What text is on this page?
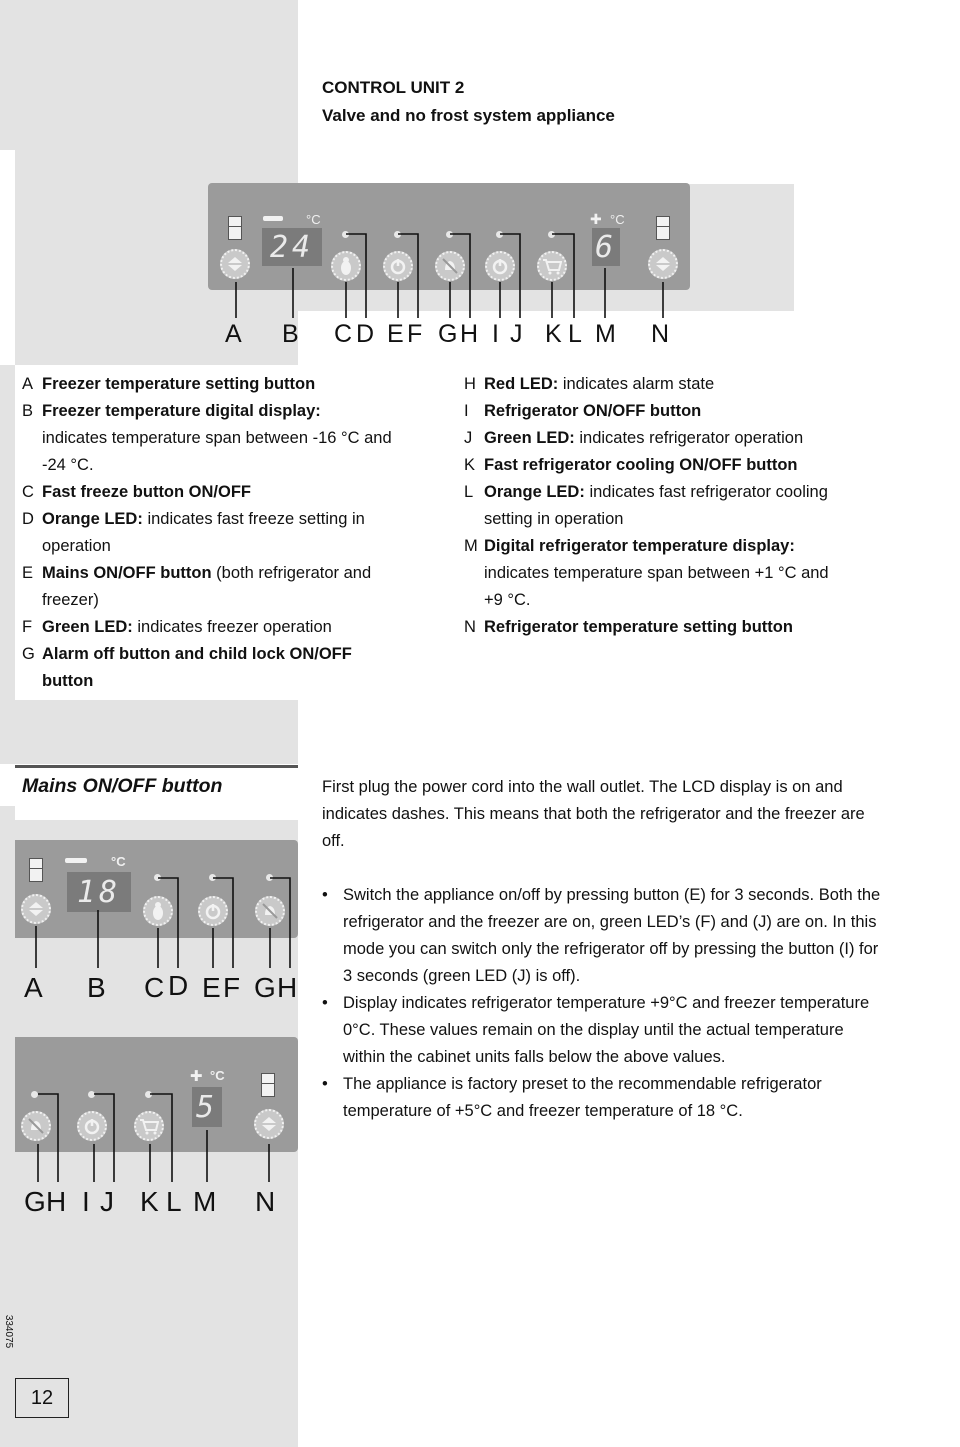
CONTROL UNIT 2
Valve and no frost system appliance
°C
24
✚ °C
6
A B C D E F G H I J K L M N
A Freezer temperature setting button
B Freezer temperature digital display:
indicates temperature span between -16 °C and
-24 °C.
C Fast freeze button ON/OFF
D Orange LED: indicates fast freeze setting in
operation
E Mains ON/OFF button (both refrigerator and
freezer)
F Green LED: indicates freezer operation
G Alarm off button and child lock ON/OFF
button
H Red LED: indicates alarm state
I Refrigerator ON/OFF button
J Green LED: indicates refrigerator operation
K Fast refrigerator cooling ON/OFF button
L Orange LED: indicates fast refrigerator cooling
setting in operation
M Digital refrigerator temperature display:
indicates temperature span between +1 °C and
+9 °C.
N Refrigerator temperature setting button
Mains ON/OFF button	First plug the power cord into the wall outlet. The LCD display is on and indicates dashes. This means that both the refrigerator and the freezer are off.
• Switch the appliance on/off by pressing button (E) for 3 seconds. Both the refrigerator and the freezer are on, green LED’s (F) and (J) are on. In this mode you can switch only the refrigerator off by pressing the button (I) for 3 seconds (green LED (J) is off).
• Display indicates refrigerator temperature +9°C and freezer temperature 0°C. These values remain on the display until the actual temperature within the cabinet units falls below the above values.
• The appliance is factory preset to the recommendable refrigerator temperature of +5°C and freezer temperature of 18 °C.
°C
18
A B C D E F G H
✚ °C
5
G H I J K L M N
334075
12
